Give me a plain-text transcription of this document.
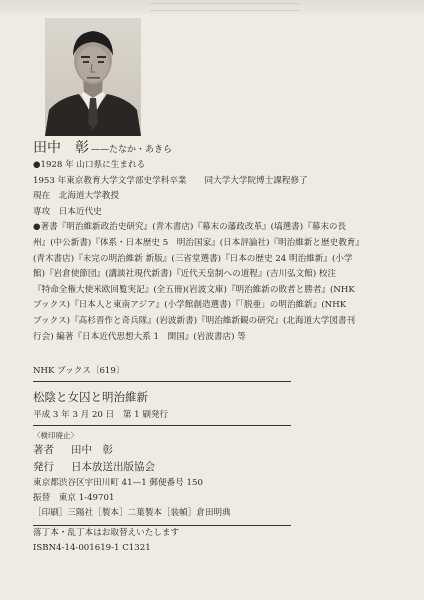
田中　彰 ——たなか・あきら
●1928 年 山口県に生まれる
1953 年東京教育大学文学部史学科卒業 同大学大学院博士課程修了
現在　北海道大学教授
専攻　日本近代史
●著書『明治維新政治史研究』(青木書店)『幕末の藩政改革』(塙選書)『幕末の長
州』(中公新書)『体系・日本歴史 5　明治国家』(日本評論社)『明治維新と歴史教育』
(青木書店)『未完の明治維新 新版』(三省堂選書)『日本の歴史 24 明治維新』(小学
館)『岩倉使節団』(講談社現代新書)『近代天皇制への道程』(吉川弘文館) 校注
『特命全権大使米欧回覧実記』(全五冊)(岩波文庫)『明治維新の敗者と勝者』(NHK
ブックス)『日本人と東南アジア』(小学館創造選書)『「脱亜」の明治維新』(NHK
ブックス)『高杉晋作と奇兵隊』(岩波新書)『明治維新観の研究』(北海道大学図書刊
行会) 編著『日本近代思想大系 1　開国』(岩波書店) 等
NHK ブックス〔619〕
松陰と女囚と明治維新
平成 3 年 3 月 20 日　第 1 刷発行
〈検印廃止〉
著者 田中　彰
発行 日本放送出版協会
東京都渋谷区宇田川町 41—1 郵便番号 150
振替　東京 1-49701
［印刷］三陽社［製本］二葉製本［装幀］倉田明典
落丁本・乱丁本はお取替えいたします
ISBN4-14-001619-1 C1321
